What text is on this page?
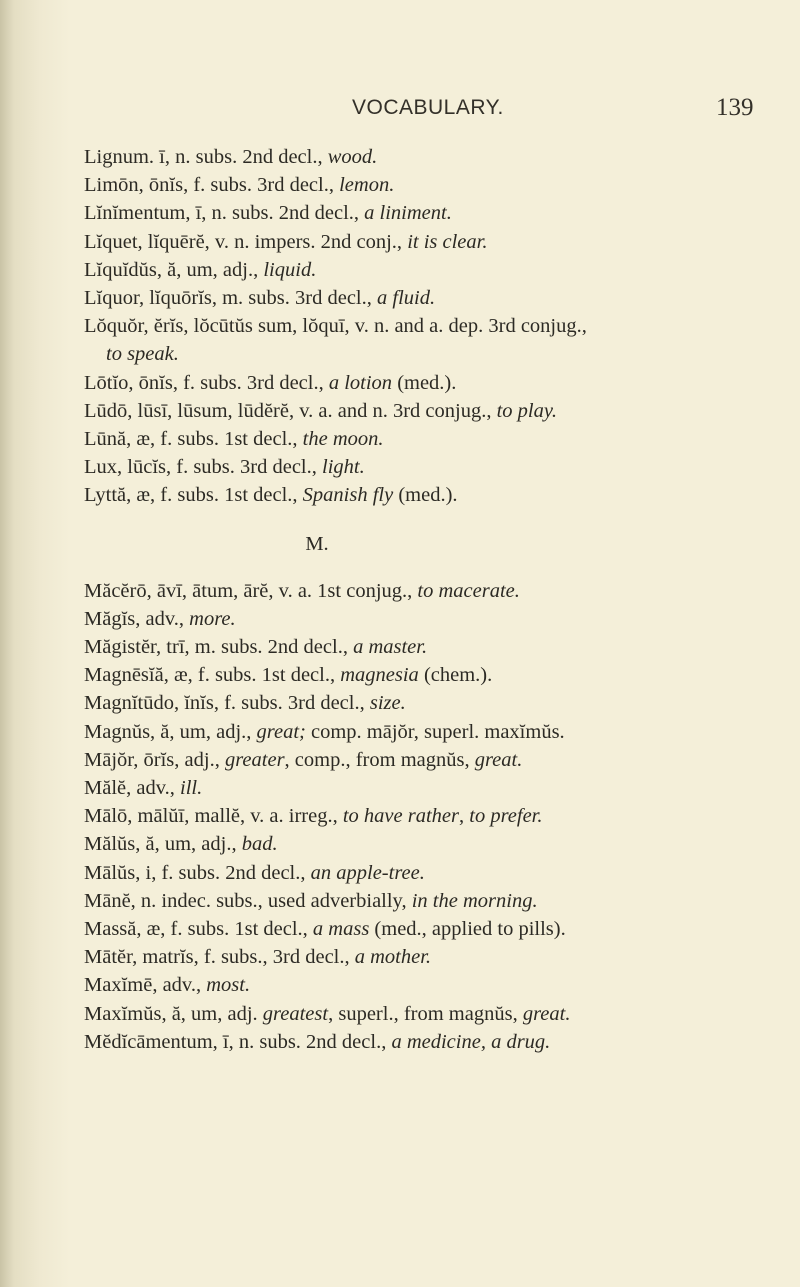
VOCABULARY.	139
Lignum. ī, n. subs. 2nd decl., wood.
Limōn, ōnĭs, f. subs. 3rd decl., lemon.
Lĭnĭmentum, ī, n. subs. 2nd decl., a liniment.
Lĭquet, lĭquērĕ, v. n. impers. 2nd conj., it is clear.
Lĭquĭdŭs, ă, um, adj., liquid.
Lĭquor, lĭquōrĭs, m. subs. 3rd decl., a fluid.
Lŏquŏr, ĕrĭs, lŏcūtŭs sum, lŏquī, v. n. and a. dep. 3rd conjug.,
to speak.
Lōtĭo, ōnĭs, f. subs. 3rd decl., a lotion (med.).
Lūdō, lūsī, lūsum, lūdĕrĕ, v. a. and n. 3rd conjug., to play.
Lūnă, æ, f. subs. 1st decl., the moon.
Lux, lūcĭs, f. subs. 3rd decl., light.
Lyttă, æ, f. subs. 1st decl., Spanish fly (med.).
M.
Măcĕrō, āvī, ātum, ārĕ, v. a. 1st conjug., to macerate.
Măgĭs, adv., more.
Măgistĕr, trī, m. subs. 2nd decl., a master.
Magnēsĭă, æ, f. subs. 1st decl., magnesia (chem.).
Magnĭtūdo, ĭnĭs, f. subs. 3rd decl., size.
Magnŭs, ă, um, adj., great; comp. mājŏr, superl. maxĭmŭs.
Mājŏr, ōrĭs, adj., greater, comp., from magnŭs, great.
Mălĕ, adv., ill.
Mālō, mālŭī, mallĕ, v. a. irreg., to have rather, to prefer.
Mălŭs, ă, um, adj., bad.
Mālŭs, i, f. subs. 2nd decl., an apple-tree.
Mānĕ, n. indec. subs., used adverbially, in the morning.
Massă, æ, f. subs. 1st decl., a mass (med., applied to pills).
Mātĕr, matrĭs, f. subs., 3rd decl., a mother.
Maxĭmē, adv., most.
Maxĭmŭs, ă, um, adj. greatest, superl., from magnŭs, great.
Mĕdĭcāmentum, ī, n. subs. 2nd decl., a medicine, a drug.
